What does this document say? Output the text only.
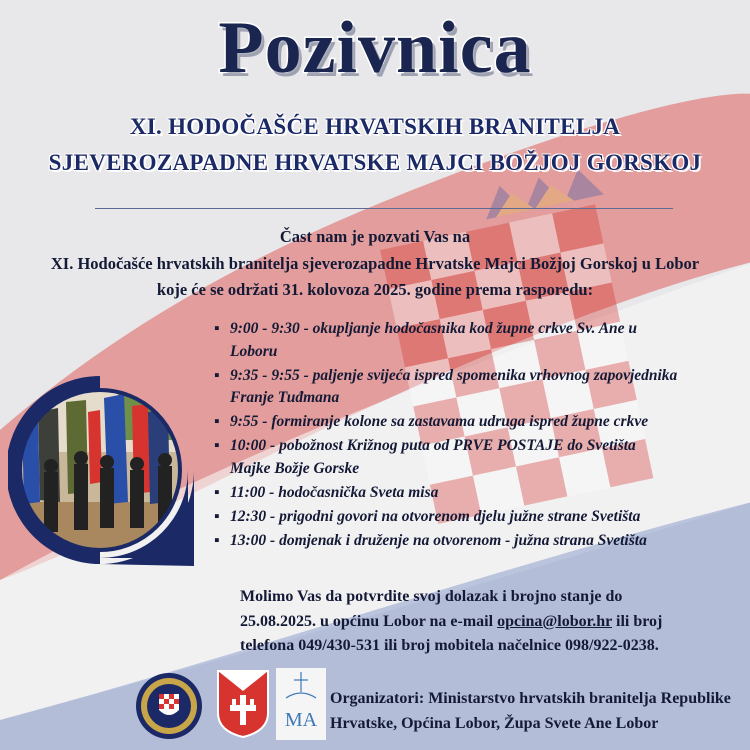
Pozivnica
XI. HODOČAŠĆE HRVATSKIH BRANITELJA
SJEVEROZAPADNE HRVATSKE MAJCI BOŽJOJ GORSKOJ
Čast nam je pozvati Vas na
XI. Hodočašće hrvatskih branitelja sjeverozapadne Hrvatske Majci Božjoj Gorskoj u Lobor
koje će se održati 31. kolovoza 2025. godine prema rasporedu:
▪ 9:00 - 9:30 - okupljanje hodočasnika kod župne crkve Sv. Ane u
Loboru
▪ 9:35 - 9:55 - paljenje svijeća ispred spomenika vrhovnog zapovjednika
Franje Tuđmana
▪ 9:55 - formiranje kolone sa zastavama udruga ispred župne crkve
▪ 10:00 - pobožnost Križnog puta od PRVE POSTAJE do Svetišta
Majke Božje Gorske
▪ 11:00 - hodočasnička Sveta misa
▪ 12:30 - prigodni govori na otvorenom djelu južne strane Svetišta
▪ 13:00 - domjenak i druženje na otvorenom - južna strana Svetišta
Molimo Vas da potvrdite svoj dolazak i brojno stanje do
25.08.2025. u općinu Lobor na e-mail opcina@lobor.hr ili broj
telefona 049/430-531 ili broj mobitela načelnice 098/922-0238.
MA
Organizatori: Ministarstvo hrvatskih branitelja Republike
Hrvatske, Općina Lobor, Župa Svete Ane Lobor
